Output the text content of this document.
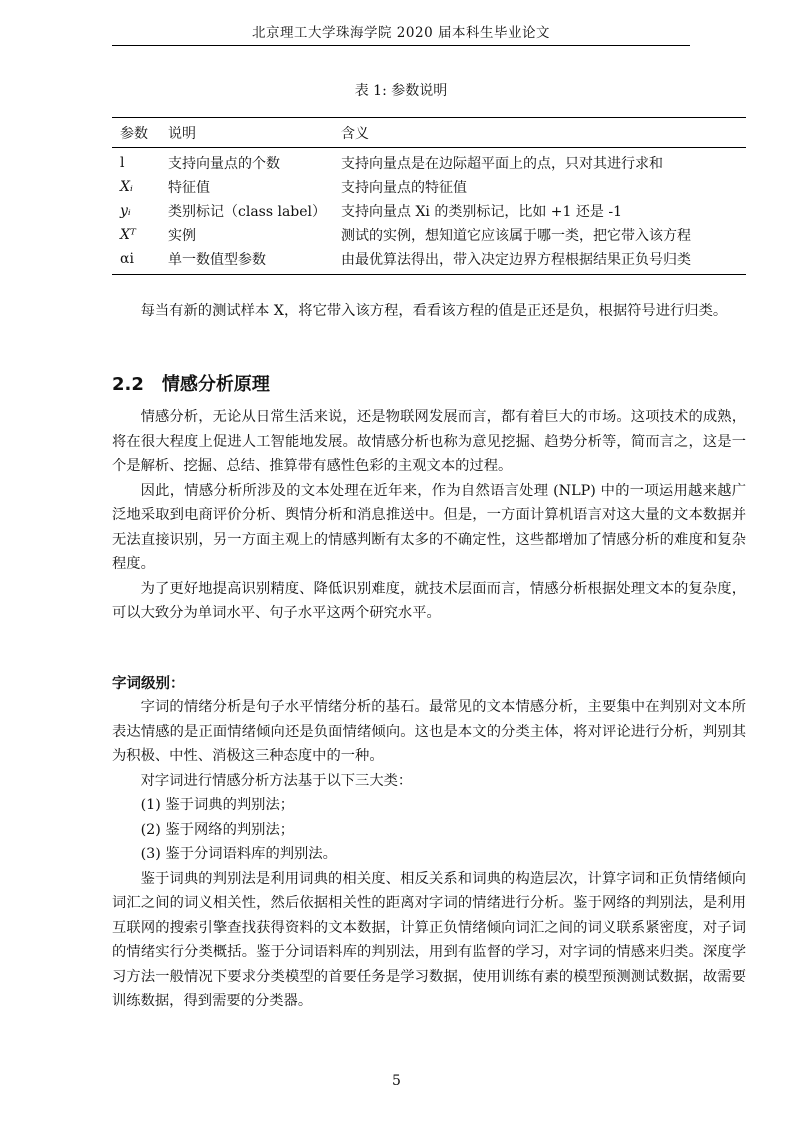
北京理工大学珠海学院 2020 届本科生毕业论文
表 1: 参数说明
参数	说明	含义
l	支持向量点的个数	支持向量点是在边际超平面上的点，只对其进行求和
Xᵢ	特征值	支持向量点的特征值
yᵢ	类别标记（class label）	支持向量点 Xi 的类别标记，比如 +1 还是 -1
Xᵀ	实例	测试的实例，想知道它应该属于哪一类，把它带入该方程
αi	单一数值型参数	由最优算法得出，带入决定边界方程根据结果正负号归类

每当有新的测试样本 X，将它带入该方程，看看该方程的值是正还是负，根据符号进行归类。

2.2 情感分析原理

情感分析，无论从日常生活来说，还是物联网发展而言，都有着巨大的市场。这项技术的成熟，将在很大程度上促进人工智能地发展。故情感分析也称为意见挖掘、趋势分析等，简而言之，这是一个是解析、挖掘、总结、推算带有感性色彩的主观文本的过程。

因此，情感分析所涉及的文本处理在近年来，作为自然语言处理 (NLP) 中的一项运用越来越广泛地采取到电商评价分析、舆情分析和消息推送中。但是，一方面计算机语言对这大量的文本数据并无法直接识别，另一方面主观上的情感判断有太多的不确定性，这些都增加了情感分析的难度和复杂程度。

为了更好地提高识别精度、降低识别难度，就技术层面而言，情感分析根据处理文本的复杂度，可以大致分为单词水平、句子水平这两个研究水平。

字词级别：

字词的情绪分析是句子水平情绪分析的基石。最常见的文本情感分析，主要集中在判别对文本所表达情感的是正面情绪倾向还是负面情绪倾向。这也是本文的分类主体，将对评论进行分析，判别其为积极、中性、消极这三种态度中的一种。

对字词进行情感分析方法基于以下三大类：

(1) 鉴于词典的判别法；

(2) 鉴于网络的判别法；

(3) 鉴于分词语料库的判别法。

鉴于词典的判别法是利用词典的相关度、相反关系和词典的构造层次，计算字词和正负情绪倾向词汇之间的词义相关性，然后依据相关性的距离对字词的情绪进行分析。鉴于网络的判别法，是利用互联网的搜索引擎查找获得资料的文本数据，计算正负情绪倾向词汇之间的词义联系紧密度，对子词的情绪实行分类概括。鉴于分词语料库的判别法，用到有监督的学习，对字词的情感来归类。深度学习方法一般情况下要求分类模型的首要任务是学习数据，使用训练有素的模型预测测试数据，故需要训练数据，得到需要的分类器。

5
